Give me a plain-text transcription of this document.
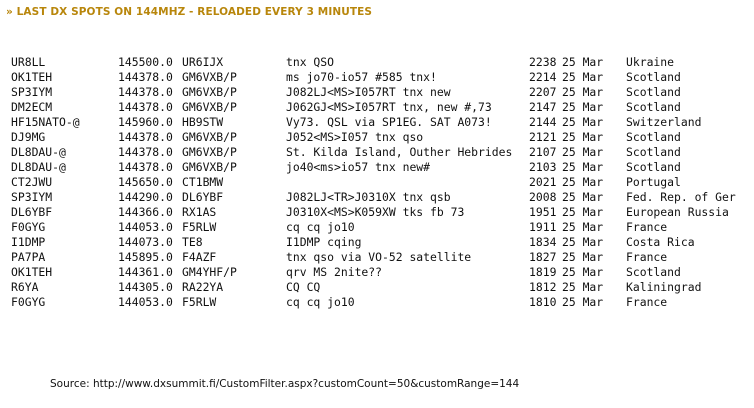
» LAST DX SPOTS ON 144MHZ - RELOADED EVERY 3 MINUTES
UR8LL	145500.0	UR6IJX	tnx QSO	2238	25 Mar	Ukraine
OK1TEH	144378.0	GM6VXB/P	ms jo70-io57 #585 tnx!	2214	25 Mar	Scotland
SP3IYM	144378.0	GM6VXB/P	J082LJ<MS>I057RT tnx new	2207	25 Mar	Scotland
DM2ECM	144378.0	GM6VXB/P	J062GJ<MS>I057RT tnx, new #,73	2147	25 Mar	Scotland
HF15NATO-@	145960.0	HB9STW	Vy73. QSL via SP1EG. SAT A073!	2144	25 Mar	Switzerland
DJ9MG	144378.0	GM6VXB/P	J052<MS>I057 tnx qso	2121	25 Mar	Scotland
DL8DAU-@	144378.0	GM6VXB/P	St. Kilda Island, Outher Hebrides	2107	25 Mar	Scotland
DL8DAU-@	144378.0	GM6VXB/P	jo40<ms>io57 tnx new#	2103	25 Mar	Scotland
CT2JWU	145650.0	CT1BMW		2021	25 Mar	Portugal
SP3IYM	144290.0	DL6YBF	J082LJ<TR>J0310X tnx qsb	2008	25 Mar	Fed. Rep. of Ger
DL6YBF	144366.0	RX1AS	J0310X<MS>K059XW tks fb 73	1951	25 Mar	European Russia
F0GYG	144053.0	F5RLW	cq cq jo10	1911	25 Mar	France
I1DMP	144073.0	TE8	I1DMP cqing	1834	25 Mar	Costa Rica
PA7PA	145895.0	F4AZF	tnx qso via VO-52 satellite	1827	25 Mar	France
OK1TEH	144361.0	GM4YHF/P	qrv MS 2nite??	1819	25 Mar	Scotland
R6YA	144305.0	RA22YA	CQ CQ	1812	25 Mar	Kaliningrad
F0GYG	144053.0	F5RLW	cq cq jo10	1810	25 Mar	France
Source: http://www.dxsummit.fi/CustomFilter.aspx?customCount=50&customRange=144
